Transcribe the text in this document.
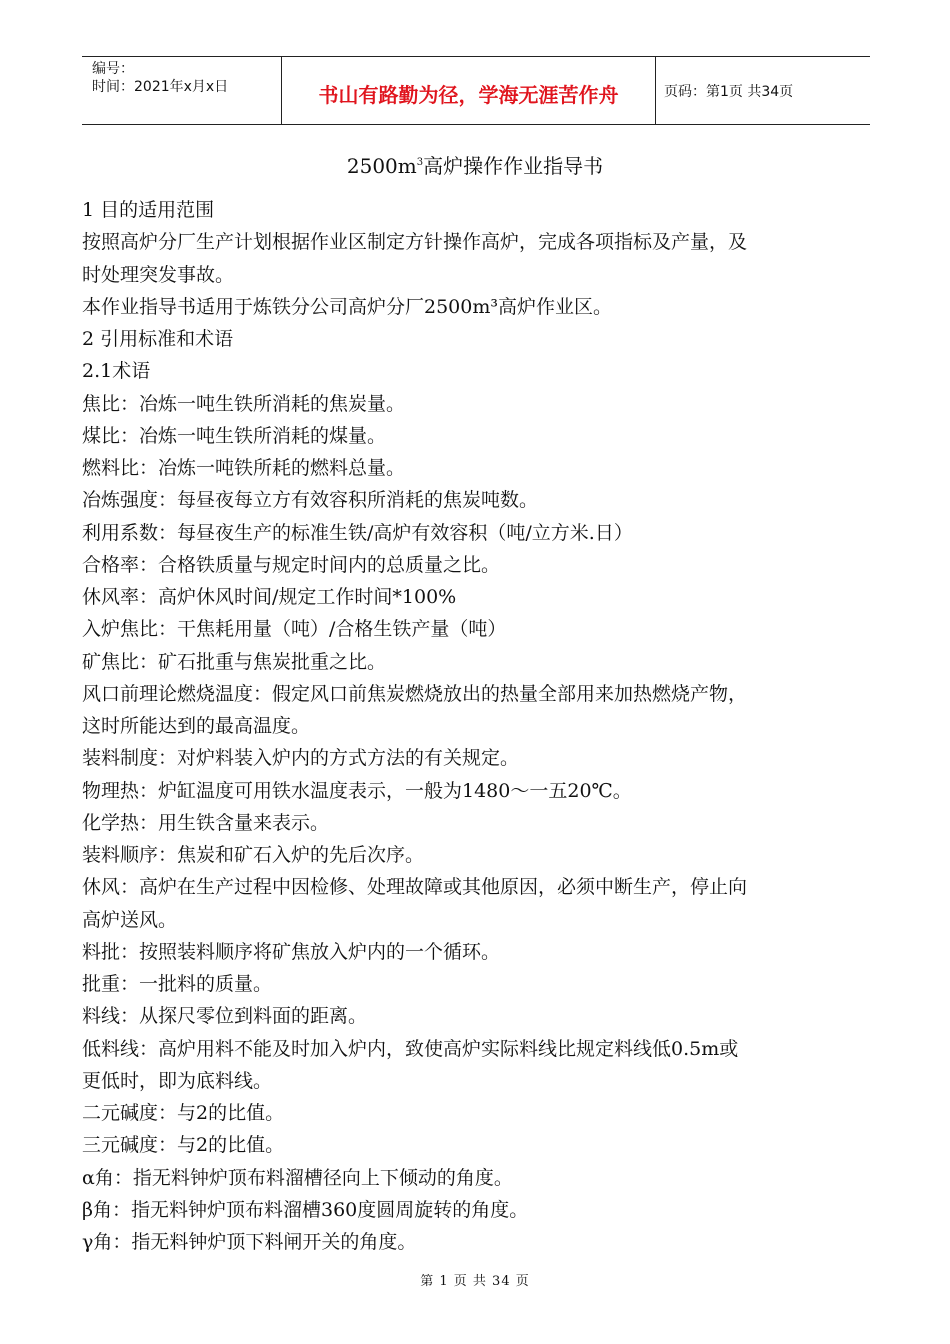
编号：
时间：2021年x月x日	书山有路勤为径，学海无涯苦作舟	页码：第1页 共34页
$2500m^3$高炉操作作业指导书
1 目的适用范围
按照高炉分厂生产计划根据作业区制定方针操作高炉，完成各项指标及产量，及
时处理突发事故。
本作业指导书适用于炼铁分公司高炉分厂2500m³高炉作业区。
2 引用标准和术语
2.1术语
焦比：冶炼一吨生铁所消耗的焦炭量。
煤比：冶炼一吨生铁所消耗的煤量。
燃料比：冶炼一吨铁所耗的燃料总量。
冶炼强度：每昼夜每立方有效容积所消耗的焦炭吨数。
利用系数：每昼夜生产的标准生铁/高炉有效容积（吨/立方米.日）
合格率：合格铁质量与规定时间内的总质量之比。
休风率：高炉休风时间/规定工作时间*100%
入炉焦比：干焦耗用量（吨）/合格生铁产量（吨）
矿焦比：矿石批重与焦炭批重之比。
风口前理论燃烧温度：假定风口前焦炭燃烧放出的热量全部用来加热燃烧产物，
这时所能达到的最高温度。
装料制度：对炉料装入炉内的方式方法的有关规定。
物理热：炉缸温度可用铁水温度表示，一般为1480～一五20℃。
化学热：用生铁含量来表示。
装料顺序：焦炭和矿石入炉的先后次序。
休风：高炉在生产过程中因检修、处理故障或其他原因，必须中断生产，停止向
高炉送风。
料批：按照装料顺序将矿焦放入炉内的一个循环。
批重：一批料的质量。
料线：从探尺零位到料面的距离。
低料线：高炉用料不能及时加入炉内，致使高炉实际料线比规定料线低0.5m或
更低时，即为底料线。
二元碱度：与2的比值。
三元碱度：与2的比值。
α角：指无料钟炉顶布料溜槽径向上下倾动的角度。
β角：指无料钟炉顶布料溜槽360度圆周旋转的角度。
γ角：指无料钟炉顶下料闸开关的角度。
第 1 页 共 34 页
